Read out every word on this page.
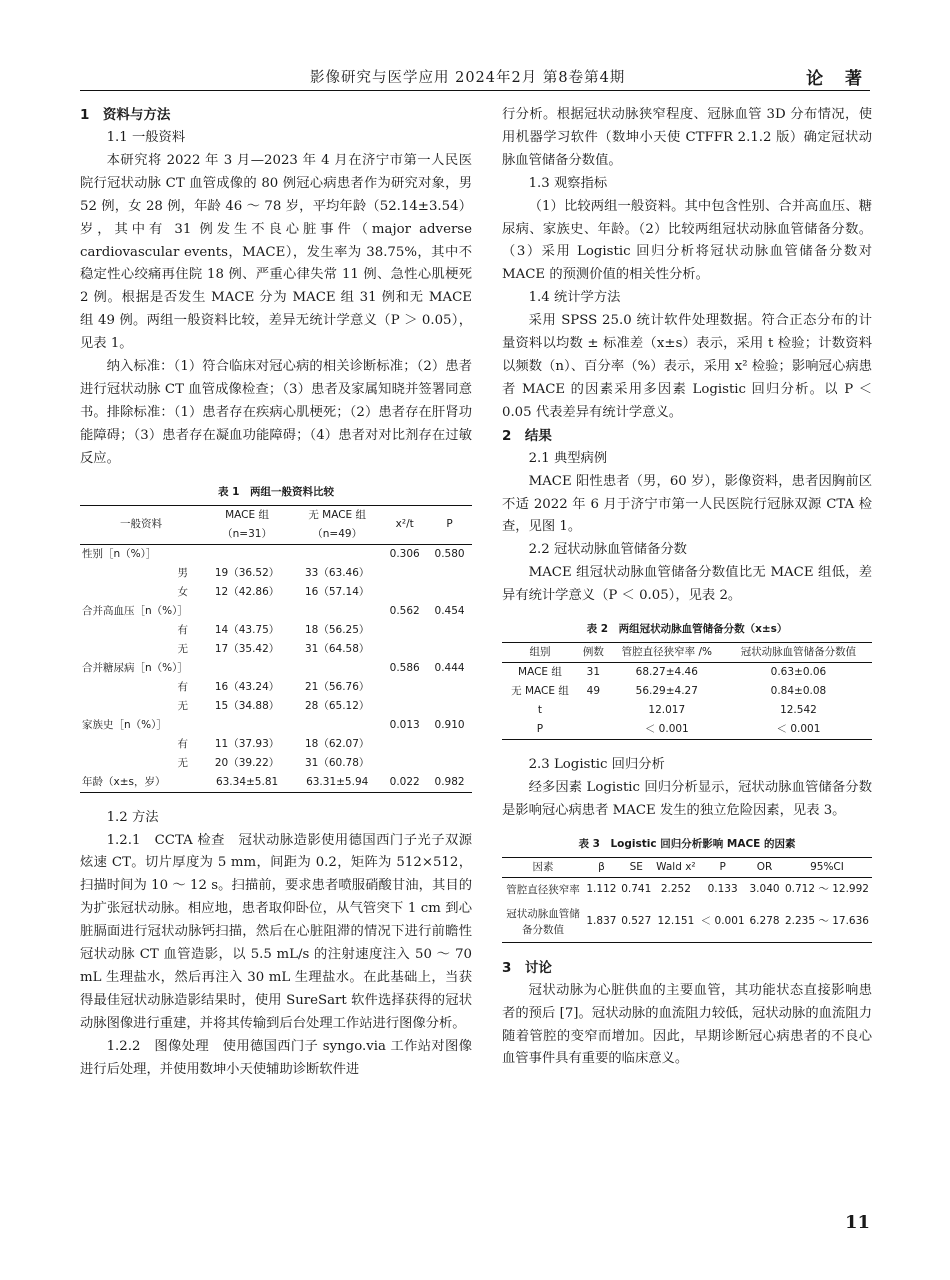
影像研究与医学应用 2024年2月 第8卷第4期	论 著
1　资料与方法
1.1 一般资料

本研究将 2022 年 3 月—2023 年 4 月在济宁市第一人民医院行冠状动脉 CT 血管成像的 80 例冠心病患者作为研究对象，男 52 例，女 28 例，年龄 46 ～ 78 岁，平均年龄（52.14±3.54）岁，其中有 31 例发生不良心脏事件（major adverse cardiovascular events，MACE），发生率为 38.75%，其中不稳定性心绞痛再住院 18 例、严重心律失常 11 例、急性心肌梗死 2 例。根据是否发生 MACE 分为 MACE 组 31 例和无 MACE 组 49 例。两组一般资料比较，差异无统计学意义（P ＞ 0.05），见表 1。

纳入标准：（1）符合临床对冠心病的相关诊断标准；（2）患者进行冠状动脉 CT 血管成像检查；（3）患者及家属知晓并签署同意书。排除标准：（1）患者存在疾病心肌梗死；（2）患者存在肝肾功能障碍；（3）患者存在凝血功能障碍；（4）患者对对比剂存在过敏反应。

表 1　两组一般资料比较
一般资料	MACE 组	无 MACE 组	x²/t	P
	（n=31）	（n=49）		
性别［n（%）］			0.306	0.580
男	19（36.52）	33（63.46）		
女	12（42.86）	16（57.14）		
合并高血压［n（%）］			0.562	0.454
有	14（43.75）	18（56.25）		
无	17（35.42）	31（64.58）		
合并糖尿病［n（%）］			0.586	0.444
有	16（43.24）	21（56.76）		
无	15（34.88）	28（65.12）		
家族史［n（%）］			0.013	0.910
有	11（37.93）	18（62.07）		
无	20（39.22）	31（60.78）		
年龄（x±s，岁）	63.34±5.81	63.31±5.94	0.022	0.982
1.2 方法

1.2.1　CCTA 检查　冠状动脉造影使用德国西门子光子双源炫速 CT。切片厚度为 5 mm，间距为 0.2，矩阵为 512×512，扫描时间为 10 ～ 12 s。扫描前，要求患者喷服硝酸甘油，其目的为扩张冠状动脉。相应地，患者取仰卧位，从气管突下 1 cm 到心脏膈面进行冠状动脉钙扫描，然后在心脏阻滞的情况下进行前瞻性冠状动脉 CT 血管造影，以 5.5 mL/s 的注射速度注入 50 ～ 70 mL 生理盐水，然后再注入 30 mL 生理盐水。在此基础上，当获得最佳冠状动脉造影结果时，使用 SureSart 软件选择获得的冠状动脉图像进行重建，并将其传输到后台处理工作站进行图像分析。

1.2.2　图像处理　使用德国西门子 syngo.via 工作站对图像进行后处理，并使用数坤小天使辅助诊断软件进

行分析。根据冠状动脉狭窄程度、冠脉血管 3D 分布情况，使用机器学习软件（数坤小天使 CTFFR 2.1.2 版）确定冠状动脉血管储备分数值。

1.3 观察指标

（1）比较两组一般资料。其中包含性别、合并高血压、糖尿病、家族史、年龄。（2）比较两组冠状动脉血管储备分数。（3）采用 Logistic 回归分析将冠状动脉血管储备分数对 MACE 的预测价值的相关性分析。

1.4 统计学方法

采用 SPSS 25.0 统计软件处理数据。符合正态分布的计量资料以均数 ± 标准差（x±s）表示，采用 t 检验；计数资料以频数（n）、百分率（%）表示，采用 x² 检验；影响冠心病患者 MACE 的因素采用多因素 Logistic 回归分析。以 P ＜ 0.05 代表差异有统计学意义。

2　结果
2.1 典型病例

MACE 阳性患者（男，60 岁），影像资料，患者因胸前区不适 2022 年 6 月于济宁市第一人民医院行冠脉双源 CTA 检查，见图 1。

2.2 冠状动脉血管储备分数

MACE 组冠状动脉血管储备分数值比无 MACE 组低，差异有统计学意义（P ＜ 0.05），见表 2。

表 2　两组冠状动脉血管储备分数（x±s）
组别	例数	管腔直径狭窄率 /%	冠状动脉血管储备分数值
MACE 组	31	68.27±4.46	0.63±0.06
无 MACE 组	49	56.29±4.27	0.84±0.08
t		12.017	12.542
P		＜ 0.001	＜ 0.001
2.3 Logistic 回归分析

经多因素 Logistic 回归分析显示，冠状动脉血管储备分数是影响冠心病患者 MACE 发生的独立危险因素，见表 3。

表 3　Logistic 回归分析影响 MACE 的因素
因素	β	SE	Wald x²	P	OR	95%CI
管腔直径狭窄率	1.112	0.741	2.252	0.133	3.040	0.712 ～ 12.992
冠状动脉血管储备分数值	1.837	0.527	12.151	＜ 0.001	6.278	2.235 ～ 17.636
3　讨论

冠状动脉为心脏供血的主要血管，其功能状态直接影响患者的预后 [7]。冠状动脉的血流阻力较低，冠状动脉的血流阻力随着管腔的变窄而增加。因此，早期诊断冠心病患者的不良心血管事件具有重要的临床意义。

11
